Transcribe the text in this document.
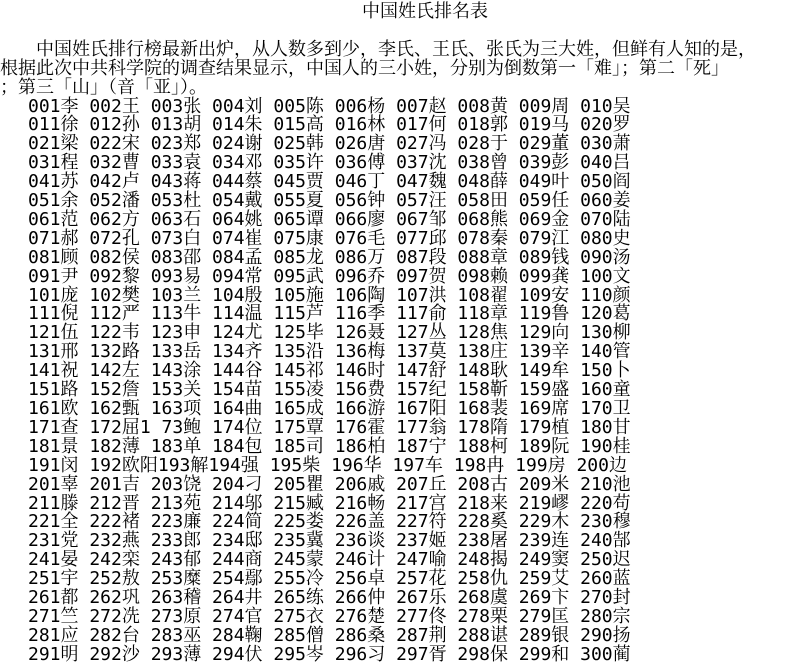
中国姓氏排名表
　　中国姓氏排行榜最新出炉，从人数多到少，李氏、王氏、张氏为三大姓，但鲜有人知的是，
根据此次中共科学院的调查结果显示，中国人的三小姓，分别为倒数第一「难」；第二「死」
；第三「山」（音「亚」）。
001李 002王 003张 004刘 005陈 006杨 007赵 008黄 009周 010吴
011徐 012孙 013胡 014朱 015高 016林 017何 018郭 019马 020罗
021梁 022宋 023郑 024谢 025韩 026唐 027冯 028于 029董 030萧
031程 032曹 033袁 034邓 035许 036傅 037沈 038曾 039彭 040吕
041苏 042卢 043蒋 044蔡 045贾 046丁 047魏 048薛 049叶 050阎
051余 052潘 053杜 054戴 055夏 056钟 057汪 058田 059任 060姜
061范 062方 063石 064姚 065谭 066廖 067邹 068熊 069金 070陆
071郝 072孔 073白 074崔 075康 076毛 077邱 078秦 079江 080史
081顾 082侯 083邵 084孟 085龙 086万 087段 088章 089钱 090汤
091尹 092黎 093易 094常 095武 096乔 097贺 098赖 099龚 100文
101庞 102樊 103兰 104殷 105施 106陶 107洪 108翟 109安 110颜
111倪 112严 113牛 114温 115芦 116季 117俞 118章 119鲁 120葛
121伍 122韦 123申 124尤 125毕 126聂 127丛 128焦 129向 130柳
131邢 132路 133岳 134齐 135沿 136梅 137莫 138庄 139辛 140管
141祝 142左 143涂 144谷 145祁 146时 147舒 148耿 149牟 150卜
151路 152詹 153关 154苗 155凌 156费 157纪 158靳 159盛 160童
161欧 162甄 163项 164曲 165成 166游 167阳 168裴 169席 170卫
171查 172屈1 73鲍 174位 175覃 176霍 177翁 178隋 179植 180甘
181景 182薄 183单 184包 185司 186柏 187宁 188柯 189阮 190桂
191闵 192欧阳193解194强 195柴 196华 197车 198冉 199房 200边
201辜 201吉 203饶 204刁 205瞿 206戚 207丘 208古 209米 210池
211滕 212晋 213苑 214邬 215臧 216畅 217宫 218来 219嵺 220苟
221全 222褚 223廉 224简 225娄 226盖 227符 228奚 229木 230穆
231党 232燕 233郎 234邸 235冀 236谈 237姬 238屠 239连 240郜
241晏 242栾 243郁 244商 245蒙 246计 247喻 248揭 249窦 250迟
251宇 252敖 253糜 254鄢 255冷 256卓 257花 258仇 259艾 260蓝
261都 262巩 263稽 264井 265练 266仲 267乐 268虞 269卞 270封
271竺 272冼 273原 274官 275衣 276楚 277佟 278栗 279匡 280宗
281应 282台 283巫 284鞠 285僧 286桑 287荆 288谌 289银 290扬
291明 292沙 293薄 294伏 295岑 296习 297胥 298保 299和 300蔺
